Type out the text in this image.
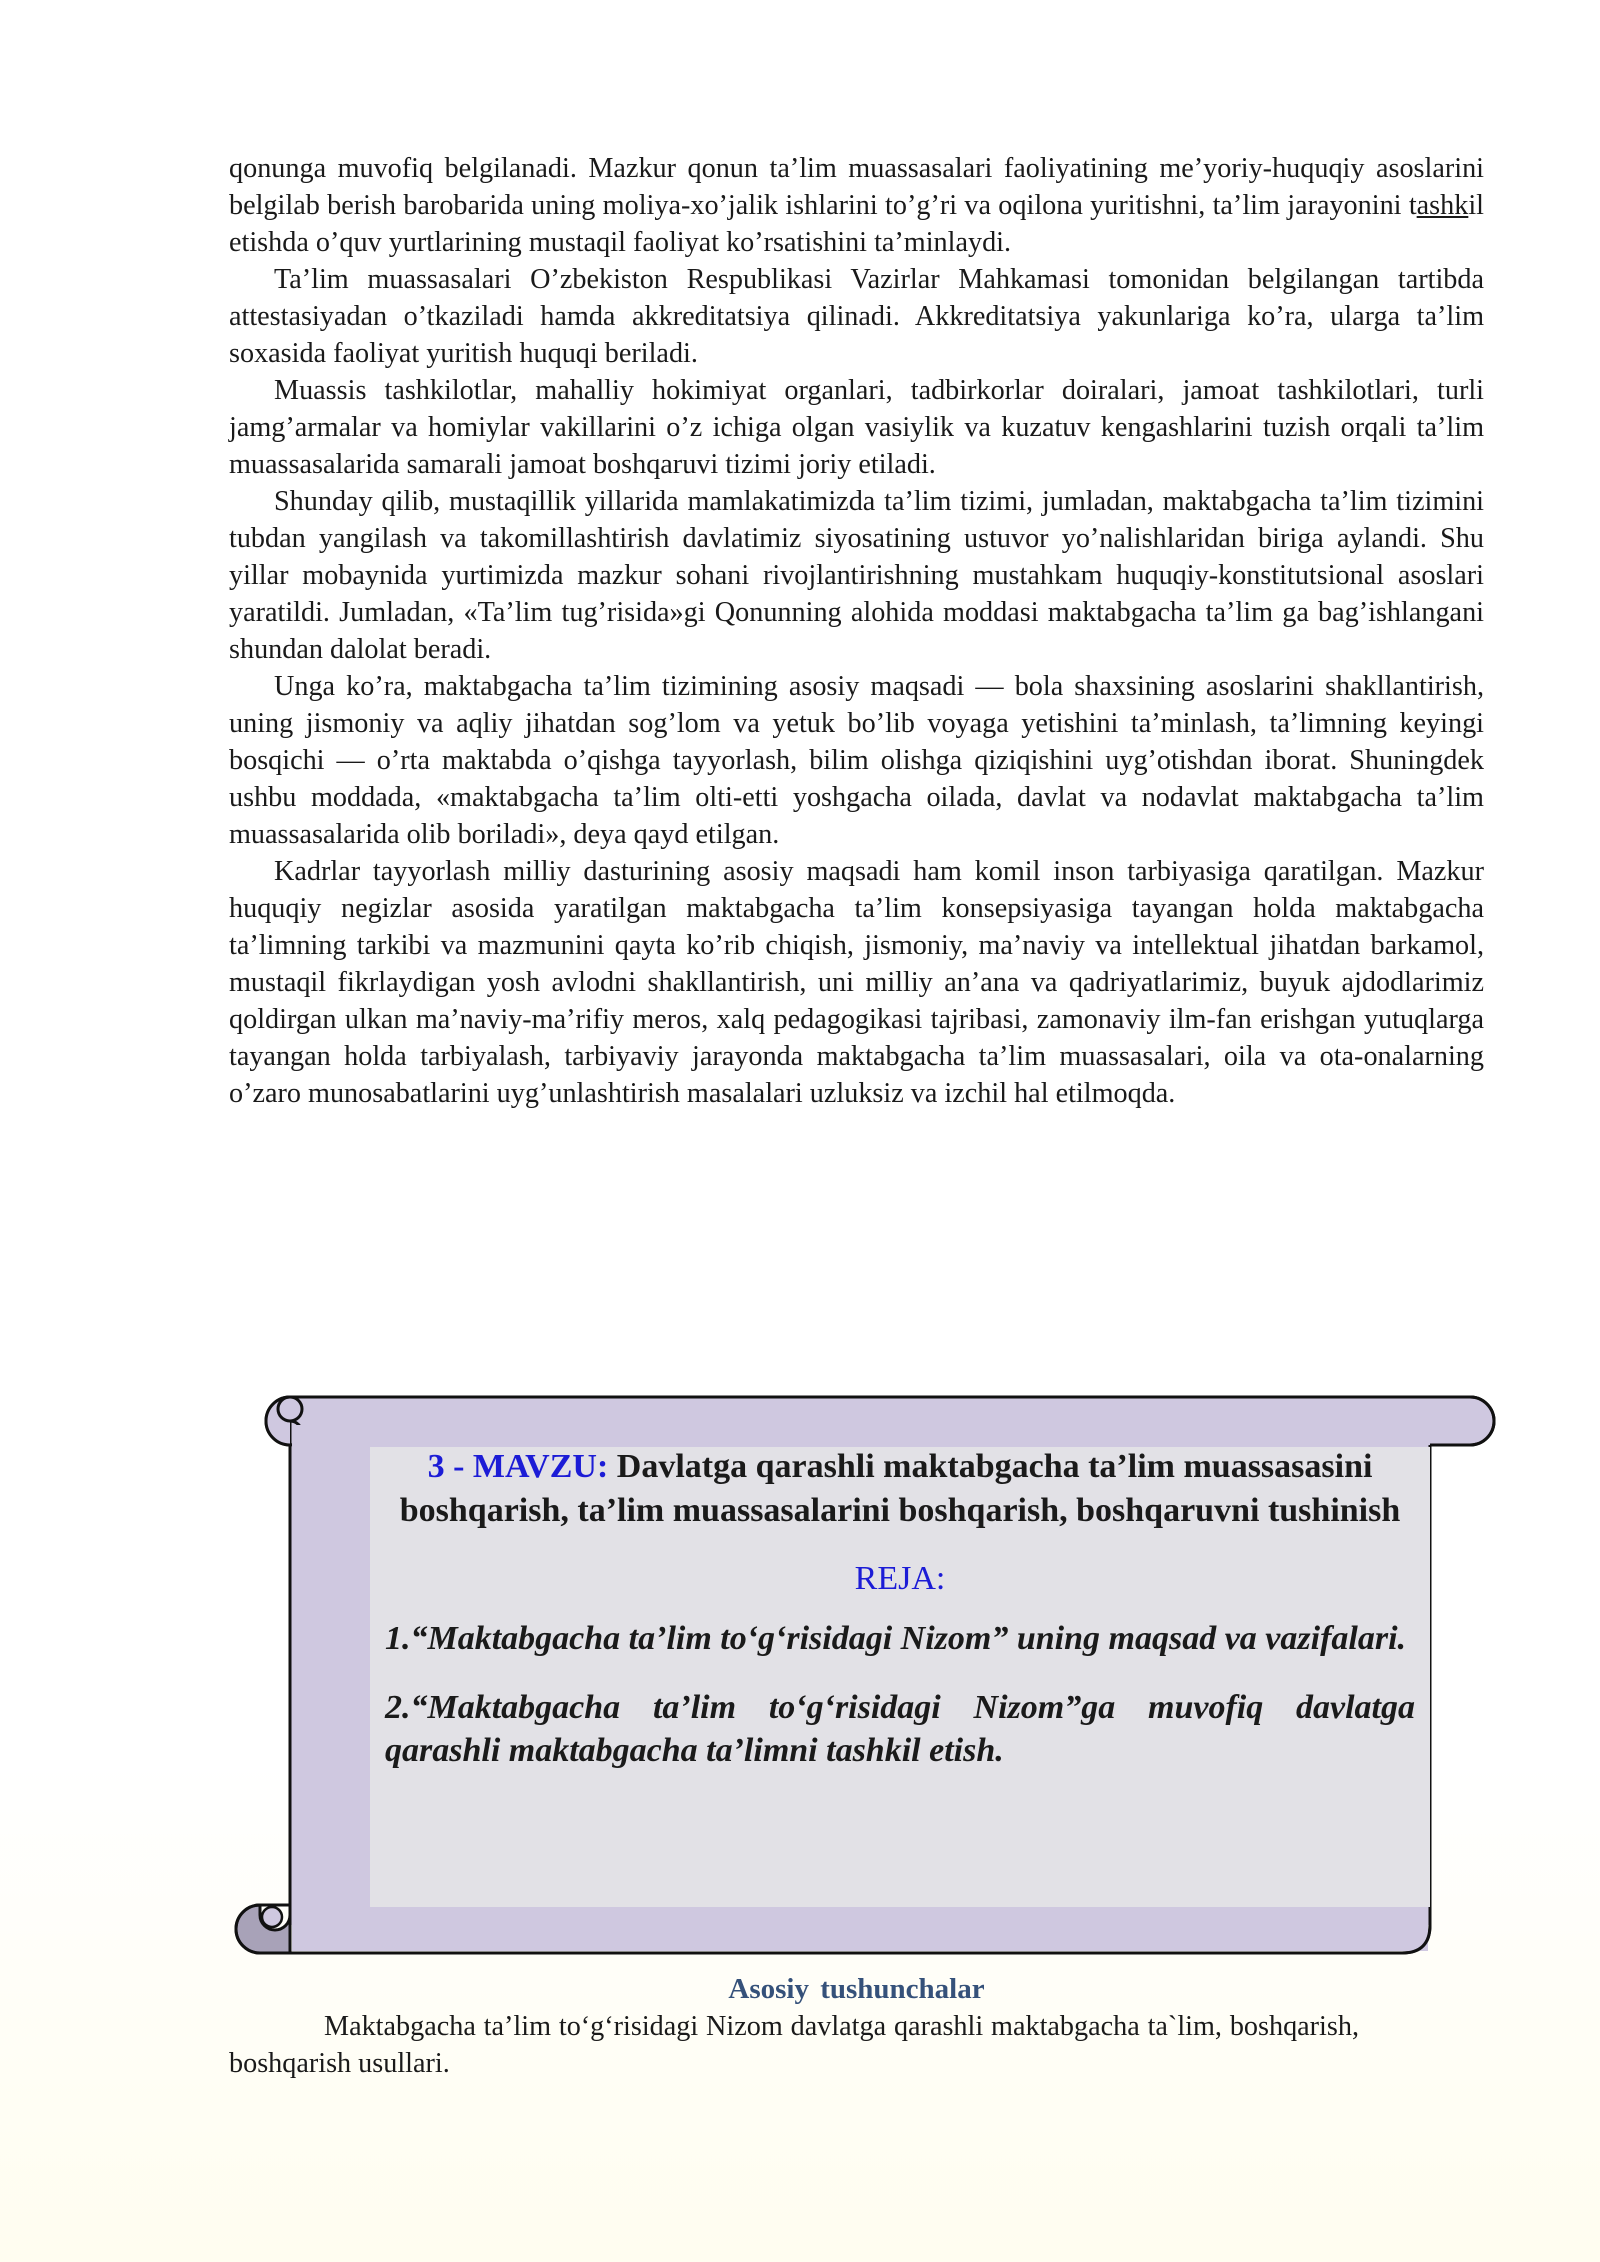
qonunga muvofiq belgilanadi. Mazkur qonun ta’lim muassasalari faoliyatining me’yoriy-huquqiy asoslarini belgilab berish barobarida uning moliya-xo’jalik ishlarini to’g’ri va oqilona yuritishni, ta’lim jarayonini tashkil etishda o’quv yurtlarining mustaqil faoliyat ko’rsatishini ta’minlaydi.

Ta’lim muassasalari O’zbekiston Respublikasi Vazirlar Mahkamasi tomonidan belgilangan tartibda attestasiyadan o’tkaziladi hamda akkreditatsiya qilinadi. Akkreditatsiya yakunlariga ko’ra, ularga ta’lim soxasida faoliyat yuritish huquqi beriladi.

Muassis tashkilotlar, mahalliy hokimiyat organlari, tadbirkorlar doiralari, jamoat tashkilotlari, turli jamg’armalar va homiylar vakillarini o’z ichiga olgan vasiylik va kuzatuv kengashlarini tuzish orqali ta’lim muassasalarida samarali jamoat boshqaruvi tizimi joriy etiladi.

Shunday qilib, mustaqillik yillarida mamlakatimizda ta’lim tizimi, jumladan, maktabgacha ta’lim tizimini tubdan yangilash va takomillashtirish davlatimiz siyosatining ustuvor yo’nalishlaridan biriga aylandi. Shu yillar mobaynida yurtimizda mazkur sohani rivojlantirishning mustahkam huquqiy-konstitutsional asoslari yaratildi. Jumladan, «Ta’lim tug’risida»gi Qonunning alohida moddasi maktabgacha ta’lim ga bag’ishlangani shundan dalolat beradi.

Unga ko’ra, maktabgacha ta’lim tizimining asosiy maqsadi — bola shaxsining asoslarini shakllantirish, uning jismoniy va aqliy jihatdan sog’lom va yetuk bo’lib voyaga yetishini ta’minlash, ta’limning keyingi bosqichi — o’rta maktabda o’qishga tayyorlash, bilim olishga qiziqishini uyg’otishdan iborat. Shuningdek ushbu moddada, «maktabgacha ta’lim olti-etti yoshgacha oilada, davlat va nodavlat maktabgacha ta’lim muassasalarida olib boriladi», deya qayd etilgan.

Kadrlar tayyorlash milliy dasturining asosiy maqsadi ham komil inson tarbiyasiga qaratilgan. Mazkur huquqiy negizlar asosida yaratilgan maktabgacha ta’lim konsepsiyasiga tayangan holda maktabgacha ta’limning tarkibi va mazmunini qayta ko’rib chiqish, jismoniy, ma’naviy va intellektual jihatdan barkamol, mustaqil fikrlaydigan yosh avlodni shakllantirish, uni milliy an’ana va qadriyatlarimiz, buyuk ajdodlarimiz qoldirgan ulkan ma’naviy-ma’rifiy meros, xalq pedagogikasi tajribasi, zamonaviy ilm-fan erishgan yutuqlarga tayangan holda tarbiyalash, tarbiyaviy jarayonda maktabgacha ta’lim muassasalari, oila va ota-onalarning o’zaro munosabatlarini uyg’unlashtirish masalalari uzluksiz va izchil hal etilmoqda.

3 - MAVZU: Davlatga qarashli maktabgacha ta’lim muassasasini boshqarish, ta’lim muassasalarini boshqarish, boshqaruvni tushinish

REJA:

1.“Maktabgacha ta’lim to‘g‘risidagi Nizom” uning maqsad va vazifalari.

2.“Maktabgacha ta’lim to‘g‘risidagi Nizom”ga muvofiq davlatga qarashli maktabgacha ta’limni tashkil etish.

Asosiy tushunchalar

Maktabgacha ta’lim to‘g‘risidagi Nizom davlatga qarashli maktabgacha ta`lim, boshqarish, boshqarish usullari.
